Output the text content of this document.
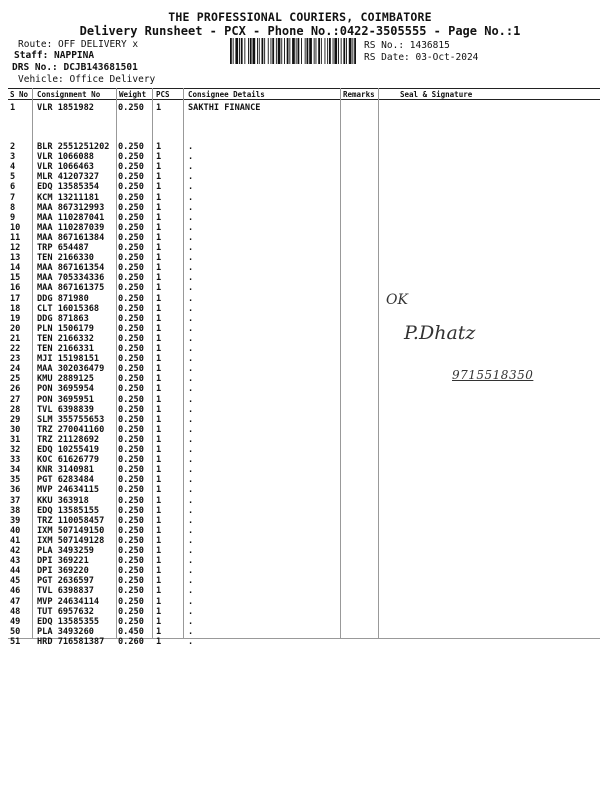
THE PROFESSIONAL COURIERS, COIMBATORE
Delivery Runsheet - PCX - Phone No.:0422-3505555 - Page No.:1
Route: OFF DELIVERY x
Staff: NAPPINA
DRS No.: DCJB143681501
Vehicle: Office Delivery
RS No.: 1436815
RS Date: 03-Oct-2024
S No Consignment No	Weight PCS Consignee Details	Remarks	Seal & Signature
1	VLR 1851982	0.250 1	SAKTHI FINANCE
2	BLR 2551251202 0.250 1	.
3	VLR 1066088	0.250 1	.
4	VLR 1066463	0.250 1	.
5	MLR 41207327 0.250 1	.
6	EDQ 13585354 0.250 1	.
7	KCM 13211181 0.250 1	.
8	MAA 867312993 0.250 1	.
9	MAA 110287041 0.250 1	.
10 MAA 110287039 0.250 1	.
11 MAA 867161384 0.250 1	.
12 TRP 654487	0.250 1	.
13 TEN 2166330	0.250 1	.
14 MAA 867161354 0.250 1	.
15 MAA 705334336 0.250 1	.
16 MAA 867161375 0.250 1	.
17 DDG 871980	0.250 1	.
18 CLT 16015368 0.250 1	.
19 DDG 871863	0.250 1	.
20 PLN 1506179	0.250 1	.
21 TEN 2166332	0.250 1	.
22 TEN 2166331	0.250 1	.
23 MJI 15198151 0.250 1	.
24 MAA 302036479 0.250 1	.
25 KMU 2889125	0.250 1	.
26 PON 3695954	0.250 1	.
27 PON 3695951	0.250 1	.
28 TVL 6398839	0.250 1	.
29 SLM 355755653 0.250 1	.
30 TRZ 270041160 0.250 1	.
31 TRZ 21128692 0.250 1	.
32 EDQ 10255419 0.250 1	.
33 KOC 61626779 0.250 1	.
34 KNR 3140981	0.250 1	.
35 PGT 6283484	0.250 1	.
36 MVP 24634115 0.250 1	.
37 KKU 363918	0.250 1	.
38 EDQ 13585155 0.250 1	.
39 TRZ 110058457 0.250 1	.
40 IXM 507149150 0.250 1	.
41 IXM 507149128 0.250 1	.
42 PLA 3493259	0.250 1	.
43 DPI 369221	0.250 1	.
44 DPI 369220	0.250 1	.
45 PGT 2636597	0.250 1	.
46 TVL 6398837	0.250 1	.
47 MVP 24634114 0.250 1	.
48 TUT 6957632	0.250 1	.
49 EDQ 13585355 0.250 1	.
50 PLA 3493260	0.450 1	.
51 HRD 716581387 0.260 1	.
OK
P.Dhatz
9715518350
